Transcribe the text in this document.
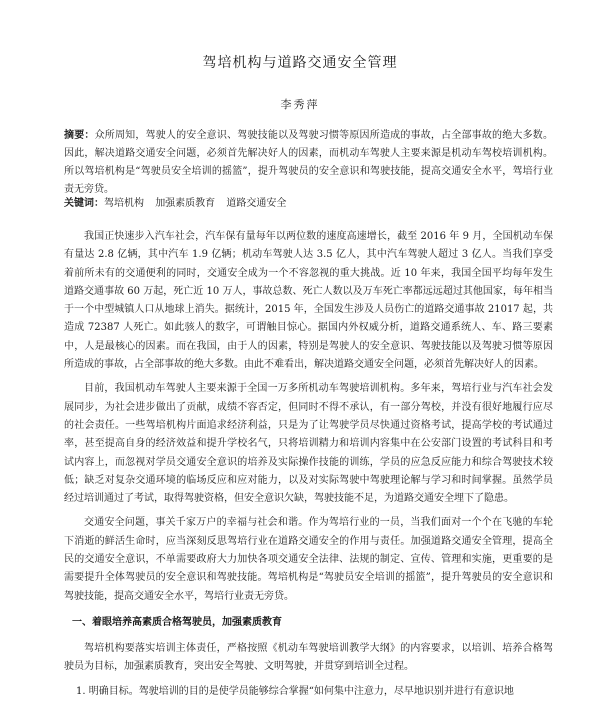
驾培机构与道路交通安全管理
李秀萍

摘要：众所周知，驾驶人的安全意识、驾驶技能以及驾驶习惯等原因所造成的事故，占全部事故的绝大多数。因此，解决道路交通安全问题，必须首先解决好人的因素，而机动车驾驶人主要来源是机动车驾校培训机构。所以驾培机构是“驾驶员安全培训的摇篮”，提升驾驶员的安全意识和驾驶技能，提高交通安全水平，驾培行业责无旁贷。

关键词：驾培机构 加强素质教育 道路交通安全

我国正快速步入汽车社会，汽车保有量每年以两位数的速度高速增长，截至 2016 年 9 月，全国机动车保有量达 2.8 亿辆，其中汽车 1.9 亿辆；机动车驾驶人达 3.5 亿人，其中汽车驾驶人超过 3 亿人。当我们享受着前所未有的交通便利的同时，交通安全成为一个不容忽视的重大挑战。近 10 年来，我国全国平均每年发生道路交通事故 60 万起，死亡近 10 万人，事故总数、死亡人数以及万车死亡率都远远超过其他国家，每年相当于一个中型城镇人口从地球上消失。据统计，2015 年，全国发生涉及人员伤亡的道路交通事故 21017 起，共造成 72387 人死亡。如此骇人的数字，可谓触目惊心。据国内外权威分析，道路交通系统人、车、路三要素中，人是最核心的因素。而在我国，由于人的因素，特别是驾驶人的安全意识、驾驶技能以及驾驶习惯等原因所造成的事故，占全部事故的绝大多数。由此不难看出，解决道路交通安全问题，必须首先解决好人的因素。

目前，我国机动车驾驶人主要来源于全国一万多所机动车驾驶培训机构。多年来，驾培行业与汽车社会发展同步，为社会进步做出了贡献，成绩不容否定，但同时不得不承认，有一部分驾校，并没有很好地履行应尽的社会责任。一些驾培机构片面追求经济利益，只是为了让驾驶学员尽快通过资格考试，提高学校的考试通过率，甚至提高自身的经济效益和提升学校名气，只将培训精力和培训内容集中在公安部门设置的考试科目和考试内容上，而忽视对学员交通安全意识的培养及实际操作技能的训练，学员的应急反应能力和综合驾驶技术较低；缺乏对复杂交通环境的临场反应和应对能力，以及对实际驾驶中驾驶理论解与学习和时间掌握。虽然学员经过培训通过了考试，取得驾驶资格，但安全意识欠缺，驾驶技能不足，为道路交通安全埋下了隐患。

交通安全问题，事关千家万户的幸福与社会和谐。作为驾培行业的一员，当我们面对一个个在飞驰的车轮下消逝的鲜活生命时，应当深刻反思驾培行业在道路交通安全的作用与责任。加强道路交通安全管理，提高全民的交通安全意识，不单需要政府大力加快各项交通安全法律、法规的制定、宣传、管理和实施，更重要的是需要提升全体驾驶员的安全意识和驾驶技能。驾培机构是“驾驶员安全培训的摇篮”，提升驾驶员的安全意识和驾驶技能，提高交通安全水平，驾培行业责无旁贷。

一、着眼培养高素质合格驾驶员，加强素质教育

驾培机构要落实培训主体责任，严格按照《机动车驾驶培训教学大纲》的内容要求，以培训、培养合格驾驶员为目标，加强素质教育，突出安全驾驶、文明驾驶，并贯穿到培训全过程。

1. 明确目标。驾驶培训的目的是使学员能够综合掌握“如何集中注意力，尽早地识别并进行有意识地
